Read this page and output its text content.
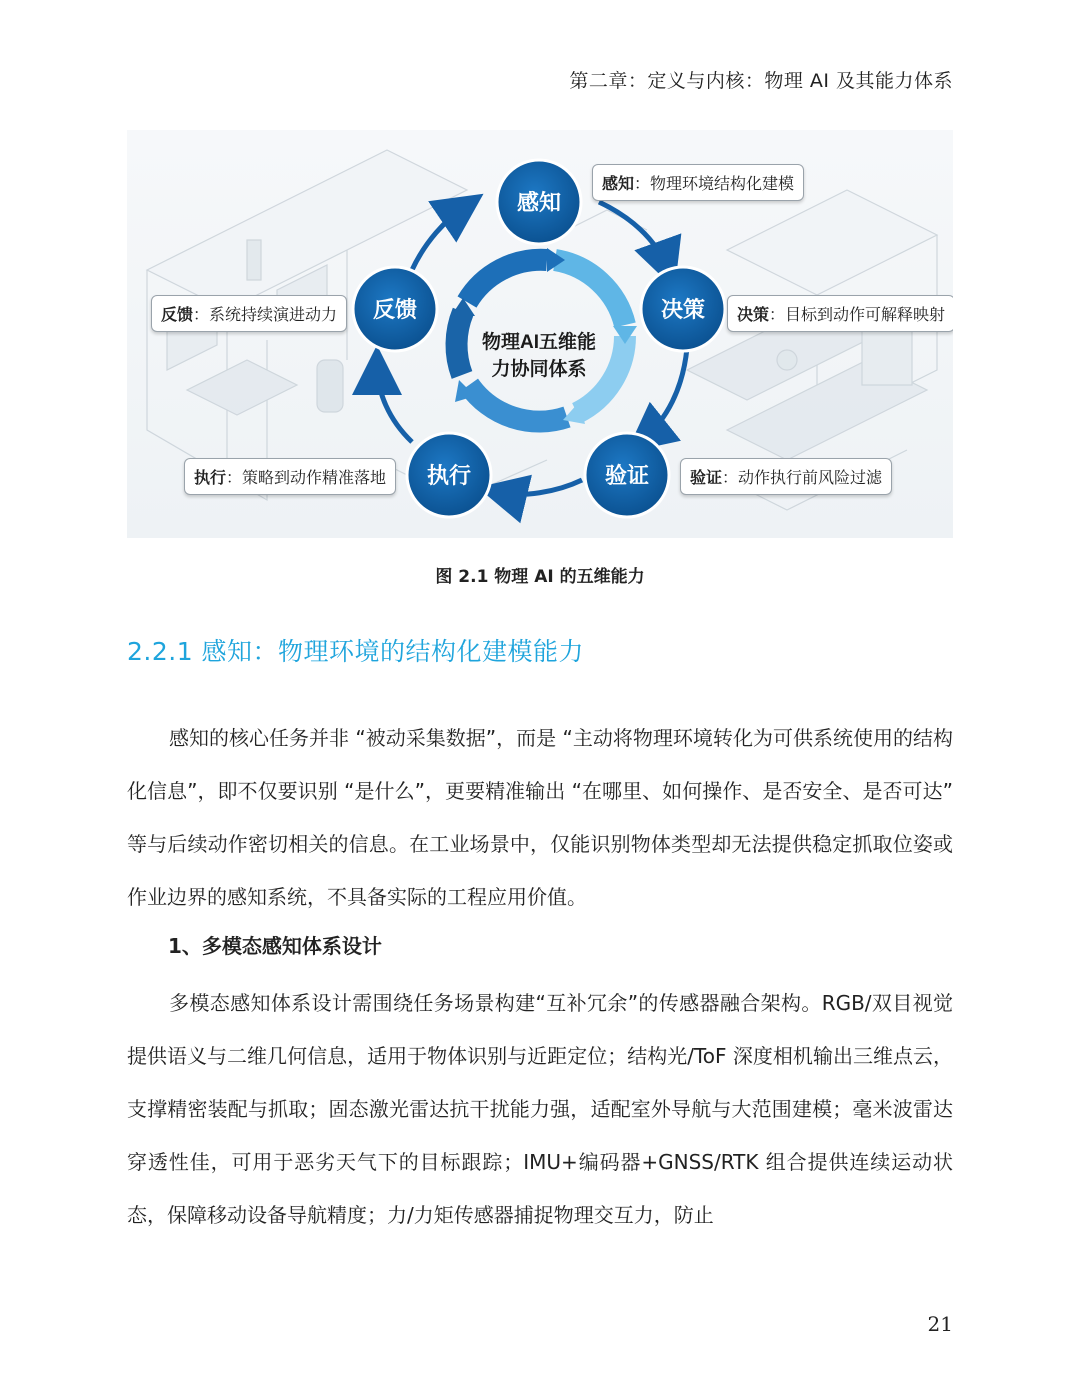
第二章：定义与内核：物理 AI 及其能力体系
感知
决策
验证
执行
反馈
物理AI五维能
力协同体系
感知：物理环境结构化建模
决策：目标到动作可解释映射
验证：动作执行前风险过滤
执行：策略到动作精准落地
反馈：系统持续演进动力
图 2.1 物理 AI 的五维能力
2.2.1 感知：物理环境的结构化建模能力
感知的核心任务并非 “被动采集数据”，而是 “主动将物理环境转化为可供系统使用的结构化信息”，即不仅要识别 “是什么”，更要精准输出 “在哪里、如何操作、是否安全、是否可达” 等与后续动作密切相关的信息。在工业场景中，仅能识别物体类型却无法提供稳定抓取位姿或作业边界的感知系统，不具备实际的工程应用价值。
1、多模态感知体系设计
多模态感知体系设计需围绕任务场景构建“互补冗余”的传感器融合架构。RGB/双目视觉提供语义与二维几何信息，适用于物体识别与近距定位；结构光/ToF 深度相机输出三维点云，支撑精密装配与抓取；固态激光雷达抗干扰能力强，适配室外导航与大范围建模；毫米波雷达穿透性佳，可用于恶劣天气下的目标跟踪；IMU+编码器+GNSS/RTK 组合提供连续运动状态，保障移动设备导航精度；力/力矩传感器捕捉物理交互力，防止
21
